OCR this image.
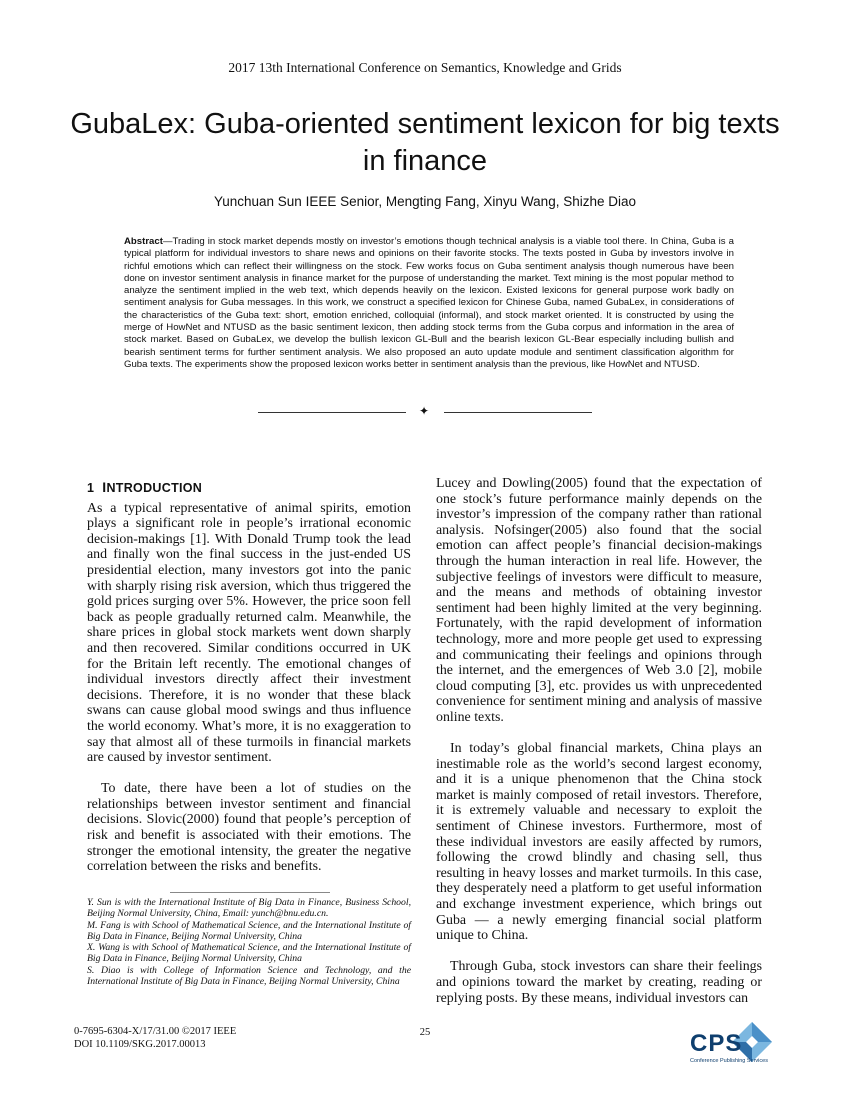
2017 13th International Conference on Semantics, Knowledge and Grids
GubaLex: Guba-oriented sentiment lexicon for big texts in finance
Yunchuan Sun IEEE Senior, Mengting Fang, Xinyu Wang, Shizhe Diao

Abstract—Trading in stock market depends mostly on investor’s emotions though technical analysis is a viable tool there. In China, Guba is a typical platform for individual investors to share news and opinions on their favorite stocks. The texts posted in Guba by investors involve in richful emotions which can reflect their willingness on the stock. Few works focus on Guba sentiment analysis though numerous have been done on investor sentiment analysis in finance market for the purpose of understanding the market. Text mining is the most popular method to analyze the sentiment implied in the web text, which depends heavily on the lexicon. Existed lexicons for general purpose work badly on sentiment analysis for Guba messages. In this work, we construct a specified lexicon for Chinese Guba, named GubaLex, in considerations of the characteristics of the Guba text: short, emotion enriched, colloquial (informal), and stock market oriented. It is constructed by using the merge of HowNet and NTUSD as the basic sentiment lexicon, then adding stock terms from the Guba corpus and information in the area of stock market. Based on GubaLex, we develop the bullish lexicon GL-Bull and the bearish lexicon GL-Bear especially including bullish and bearish sentiment terms for further sentiment analysis. We also proposed an auto update module and sentiment classification algorithm for Guba texts. The experiments show the proposed lexicon works better in sentiment analysis than the previous, like HowNet and NTUSD.

✦
1 INTRODUCTION

As a typical representative of animal spirits, emotion plays a significant role in people’s irrational economic decision-makings [1]. With Donald Trump took the lead and finally won the final success in the just-ended US presidential election, many investors got into the panic with sharply rising risk aversion, which thus triggered the gold prices surging over 5%. However, the price soon fell back as people gradually returned calm. Meanwhile, the share prices in global stock markets went down sharply and then recovered. Similar conditions occurred in UK for the Britain left recently. The emotional changes of individual investors directly affect their investment decisions. Therefore, it is no wonder that these black swans can cause global mood swings and thus influence the world economy. What’s more, it is no exaggeration to say that almost all of these turmoils in financial markets are caused by investor sentiment.

To date, there have been a lot of studies on the relationships between investor sentiment and financial decisions. Slovic(2000) found that people’s perception of risk and benefit is associated with their emotions. The stronger the emotional intensity, the greater the negative correlation between the risks and benefits.

Lucey and Dowling(2005) found that the expectation of one stock’s future performance mainly depends on the investor’s impression of the company rather than rational analysis. Nofsinger(2005) also found that the social emotion can affect people’s financial decision-makings through the human interaction in real life. However, the subjective feelings of investors were difficult to measure, and the means and methods of obtaining investor sentiment had been highly limited at the very beginning. Fortunately, with the rapid development of information technology, more and more people get used to expressing and communicating their feelings and opinions through the internet, and the emergences of Web 3.0 [2], mobile cloud computing [3], etc. provides us with unprecedented convenience for sentiment mining and analysis of massive online texts.

In today’s global financial markets, China plays an inestimable role as the world’s second largest economy, and it is a unique phenomenon that the China stock market is mainly composed of retail investors. Therefore, it is extremely valuable and necessary to exploit the sentiment of Chinese investors. Furthermore, most of these individual investors are easily affected by rumors, following the crowd blindly and chasing sell, thus resulting in heavy losses and market turmoils. In this case, they desperately need a platform to get useful information and exchange investment experience, which brings out Guba — a newly emerging financial social platform unique to China.

Through Guba, stock investors can share their feelings and opinions toward the market by creating, reading or replying posts. By these means, individual investors can

Y. Sun is with the International Institute of Big Data in Finance, Business School, Beijing Normal University, China, Email: yunch@bnu.edu.cn.

M. Fang is with School of Mathematical Science, and the International Institute of Big Data in Finance, Beijing Normal University, China

X. Wang is with School of Mathematical Science, and the International Institute of Big Data in Finance, Beijing Normal University, China

S. Diao is with College of Information Science and Technology, and the International Institute of Big Data in Finance, Beijing Normal University, China

0-7695-6304-X/17/31.00 ©2017 IEEE
DOI 10.1109/SKG.2017.00013
25	CPS
Conference Publishing Services
